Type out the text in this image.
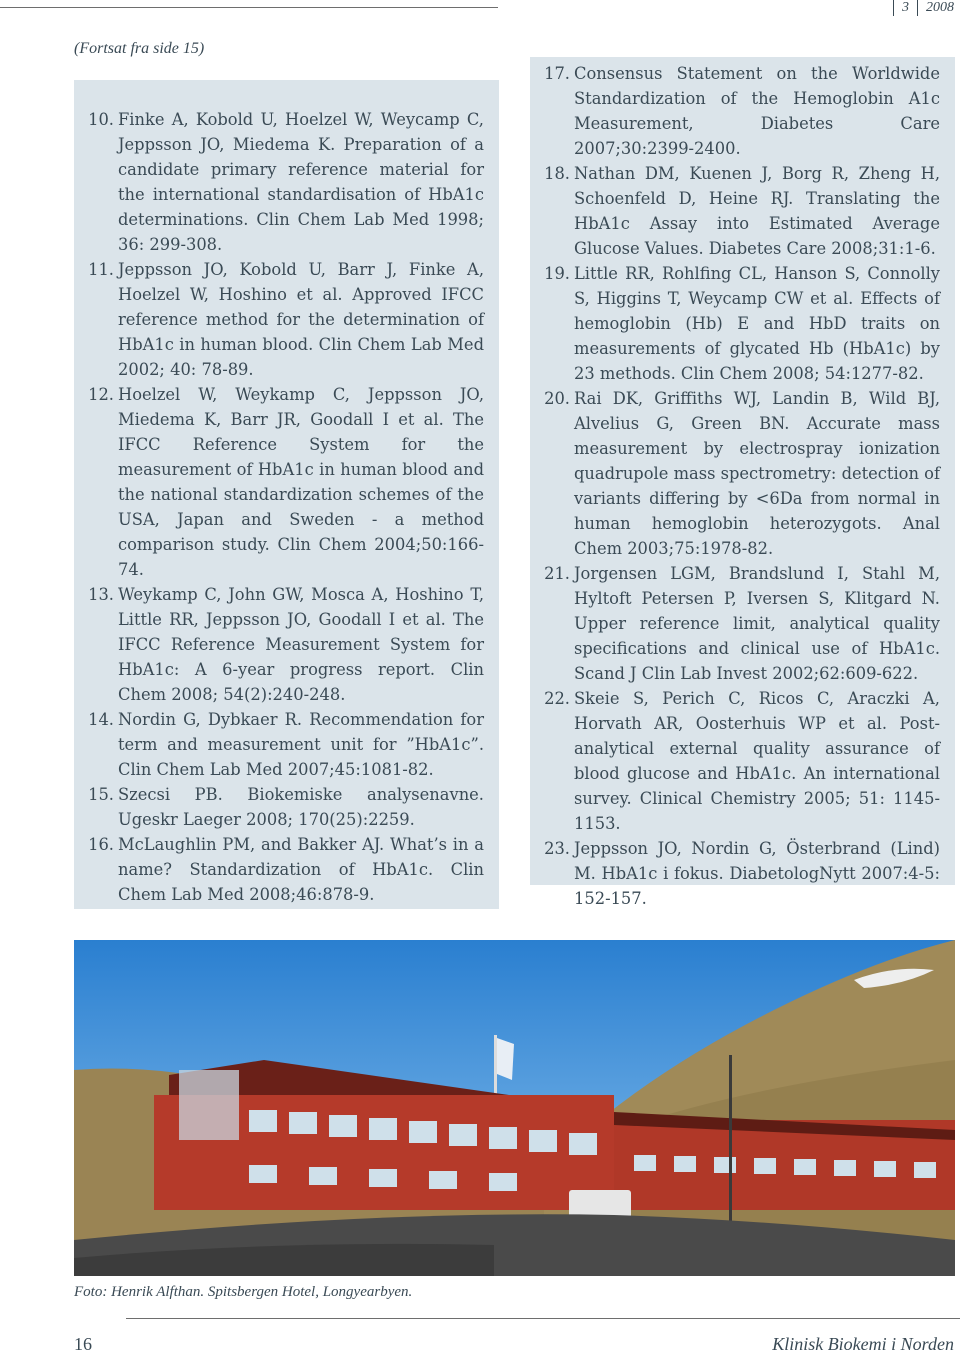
3 2008
(Fortsat fra side 15)
10. Finke A, Kobold U, Hoelzel W, Weycamp C, Jeppsson JO, Miedema K. Preparation of a candidate primary reference material for the international standardisation of HbA1c determinations. Clin Chem Lab Med 1998; 36: 299-308.
11. Jeppsson JO, Kobold U, Barr J, Finke A, Hoelzel W, Hoshino et al. Approved IFCC reference method for the determination of HbA1c in human blood. Clin Chem Lab Med 2002; 40: 78-89.
12. Hoelzel W, Weykamp C, Jeppsson JO, Miedema K, Barr JR, Goodall I et al. The IFCC Reference System for the measurement of HbA1c in human blood and the national standardization schemes of the USA, Japan and Sweden - a method comparison study. Clin Chem 2004;50:166-74.
13. Weykamp C, John GW, Mosca A, Hoshino T, Little RR, Jeppsson JO, Goodall I et al. The IFCC Reference Measurement System for HbA1c: A 6-year progress report. Clin Chem 2008; 54(2):240-248.
14. Nordin G, Dybkaer R. Recommendation for term and measurement unit for ”HbA1c”. Clin Chem Lab Med 2007;45:1081-82.
15. Szecsi PB. Biokemiske analysenavne. Ugeskr Laeger 2008; 170(25):2259.
16. McLaughlin PM, and Bakker AJ. What’s in a name? Standardization of HbA1c. Clin Chem Lab Med 2008;46:878-9.
17. Consensus Statement on the Worldwide Standardization of the Hemoglobin A1c Measurement, Diabetes Care 2007;30:2399-2400.
18. Nathan DM, Kuenen J, Borg R, Zheng H, Schoenfeld D, Heine RJ. Translating the HbA1c Assay into Estimated Average Glucose Values. Diabetes Care 2008;31:1-6.
19. Little RR, Rohlfing CL, Hanson S, Connolly S, Higgins T, Weycamp CW et al. Effects of hemoglobin (Hb) E and HbD traits on measurements of glycated Hb (HbA1c) by 23 methods. Clin Chem 2008; 54:1277-82.
20. Rai DK, Griffiths WJ, Landin B, Wild BJ, Alvelius G, Green BN. Accurate mass measurement by electrospray ionization quadrupole mass spectrometry: detection of variants differing by <6Da from normal in human hemoglobin heterozygots. Anal Chem 2003;75:1978-82.
21. Jorgensen LGM, Brandslund I, Stahl M, Hyltoft Petersen P, Iversen S, Klitgard N. Upper reference limit, analytical quality specifications and clinical use of HbA1c. Scand J Clin Lab Invest 2002;62:609-622.
22. Skeie S, Perich C, Ricos C, Araczki A, Horvath AR, Oosterhuis WP et al. Post-analytical external quality assurance of blood glucose and HbA1c. An international survey. Clinical Chemistry 2005; 51: 1145-1153.
23. Jeppsson JO, Nordin G, Österbrand (Lind) M. HbA1c i fokus. DiabetologNytt 2007:4-5: 152-157.
Foto: Henrik Alfthan. Spitsbergen Hotel, Longyearbyen.
16	Klinisk Biokemi i Norden
